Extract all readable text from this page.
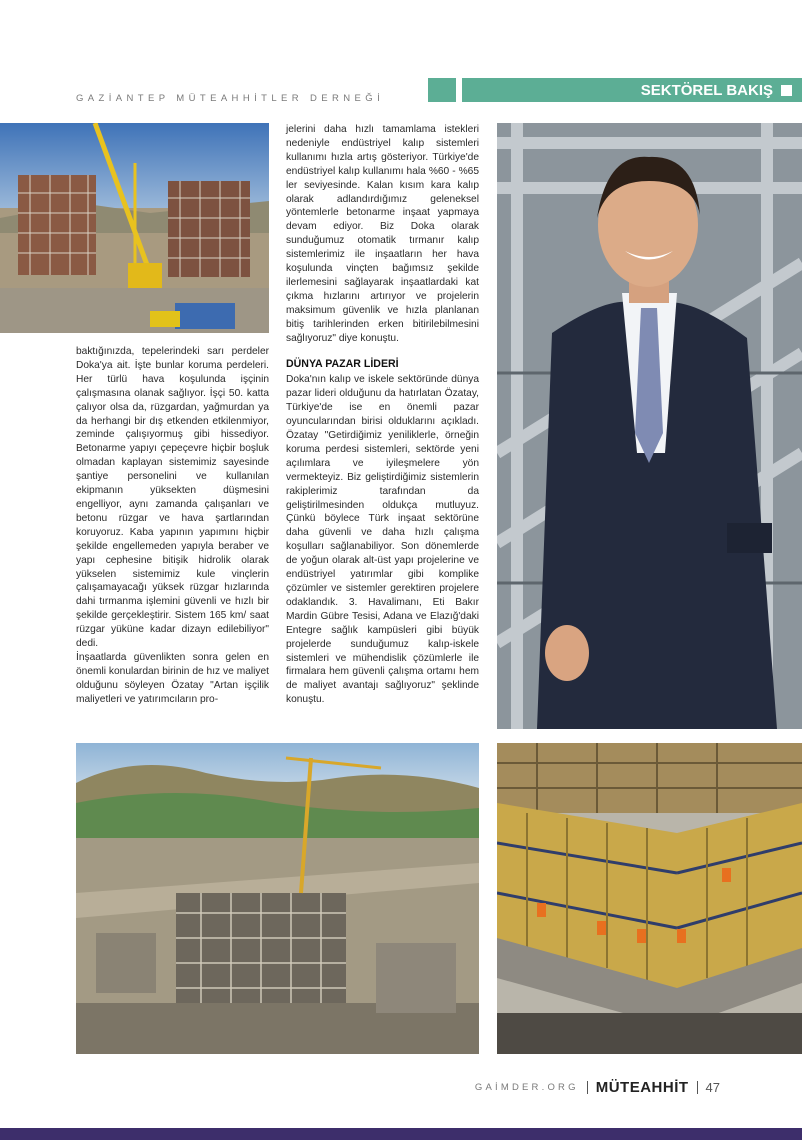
GAZİANTEP MÜTEAHHİTLER DERNEĞİ	SEKTÖREL BAKIŞ

baktığınızda, tepelerindeki sarı perdeler Doka'ya ait. İşte bunlar koruma perdeleri. Her türlü hava koşulunda işçinin çalışmasına olanak sağlıyor. İşçi 50. katta çalıyor olsa da, rüzgardan, yağmurdan ya da herhangi bir dış etkenden etkilenmiyor, zeminde çalışıyormuş gibi hissediyor. Betonarme yapıyı çepeçevre hiçbir boşluk olmadan kaplayan sistemimiz sayesinde şantiye personelini ve kullanılan ekipmanın yüksekten düşmesini engelliyor, aynı zamanda çalışanları ve betonu rüzgar ve hava şartlarından koruyoruz. Kaba yapının yapımını hiçbir şekilde engellemeden yapıyla beraber ve yapı cephesine bitişik hidrolik olarak yükselen sistemimiz kule vinçlerin çalışamayacağı yüksek rüzgar hızlarında dahi tırmanma işlemini güvenli ve hızlı bir şekilde gerçekleştirir. Sistem 165 km/ saat rüzgar yüküne kadar dizayn edilebiliyor" dedi.

İnşaatlarda güvenlikten sonra gelen en önemli konulardan birinin de hız ve maliyet olduğunu söyleyen Özatay "Artan işçilik maliyetleri ve yatırımcıların pro-

jelerini daha hızlı tamamlama istekleri nedeniyle endüstriyel kalıp sistemleri kullanımı hızla artış gösteriyor. Türkiye'de endüstriyel kalıp kullanımı hala %60 - %65 ler seviyesinde. Kalan kısım kara kalıp olarak adlandırdığımız geleneksel yöntemlerle betonarme inşaat yapmaya devam ediyor. Biz Doka olarak sunduğumuz otomatik tırmanır kalıp sistemlerimiz ile inşaatların her hava koşulunda vinçten bağımsız şekilde ilerlemesini sağlayarak inşaatlardaki kat çıkma hızlarını artırıyor ve projelerin maksimum güvenlik ve hızla planlanan bitiş tarihlerinden erken bitirilebilmesini sağlıyoruz" diye konuştu.

DÜNYA PAZAR LİDERİ

Doka'nın kalıp ve iskele sektöründe dünya pazar lideri olduğunu da hatırlatan Özatay, Türkiye'de ise en önemli pazar oyuncularından birisi olduklarını açıkladı. Özatay "Getirdiğimiz yeniliklerle, örneğin koruma perdesi sistemleri, sektörde yeni açılımlara ve iyileşmelere yön vermekteyiz. Biz geliştirdiğimiz sistemlerin rakiplerimiz tarafından da geliştirilmesinden oldukça mutluyuz. Çünkü böylece Türk inşaat sektörüne daha güvenli ve daha hızlı çalışma koşulları sağlanabiliyor. Son dönemlerde de yoğun olarak alt-üst yapı projelerine ve endüstriyel yatırımlar gibi komplike çözümler ve sistemler gerektiren projelere odaklandık. 3. Havalimanı, Eti Bakır Mardin Gübre Tesisi, Adana ve Elazığ'daki Entegre sağlık kampüsleri gibi büyük projelerde sunduğumuz kalıp-iskele sistemleri ve mühendislik çözümlerle ile firmalara hem güvenli çalışma ortamı hem de maliyet avantajı sağlıyoruz" şeklinde konuştu.

GAİMDER.ORG MÜTEAHHİT 47
